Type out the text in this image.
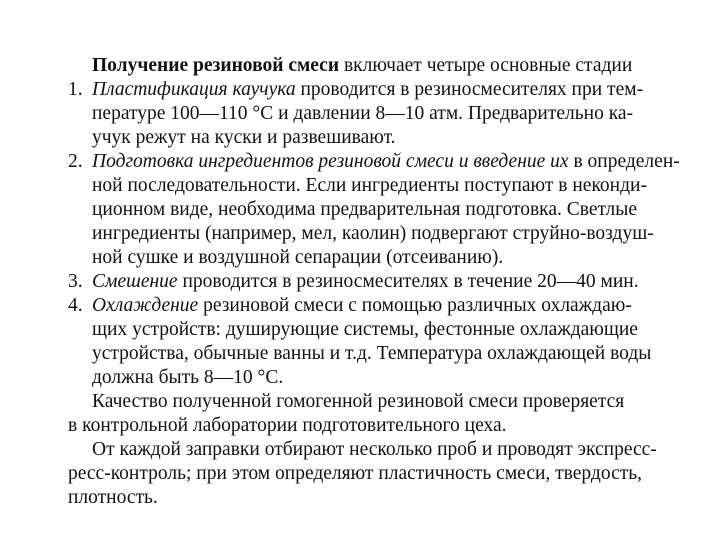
Получение резиновой смеси включает четыре основные стадии
1. Пластификация каучука проводится в резиносмесителях при тем-
пературе 100—110 °С и давлении 8—10 атм. Предварительно ка-
учук режут на куски и развешивают.
2. Подготовка ингредиентов резиновой смеси и введение их в определен-
ной последовательности. Если ингредиенты поступают в неконди-
ционном виде, необходима предварительная подготовка. Светлые
ингредиенты (например, мел, каолин) подвергают струйно-воздуш-
ной сушке и воздушной сепарации (отсеиванию).
3. Смешение проводится в резиносмесителях в течение 20—40 мин.
4. Охлаждение резиновой смеси с помощью различных охлаждаю-
щих устройств: душирующие системы, фестонные охлаждающие
устройства, обычные ванны и т.д. Температура охлаждающей воды
должна быть 8—10 °С.
Качество полученной гомогенной резиновой смеси проверяется
в контрольной лаборатории подготовительного цеха.
От каждой заправки отбирают несколько проб и проводят экспресс-
ресс-контроль; при этом определяют пластичность смеси, твердость,
плотность.
